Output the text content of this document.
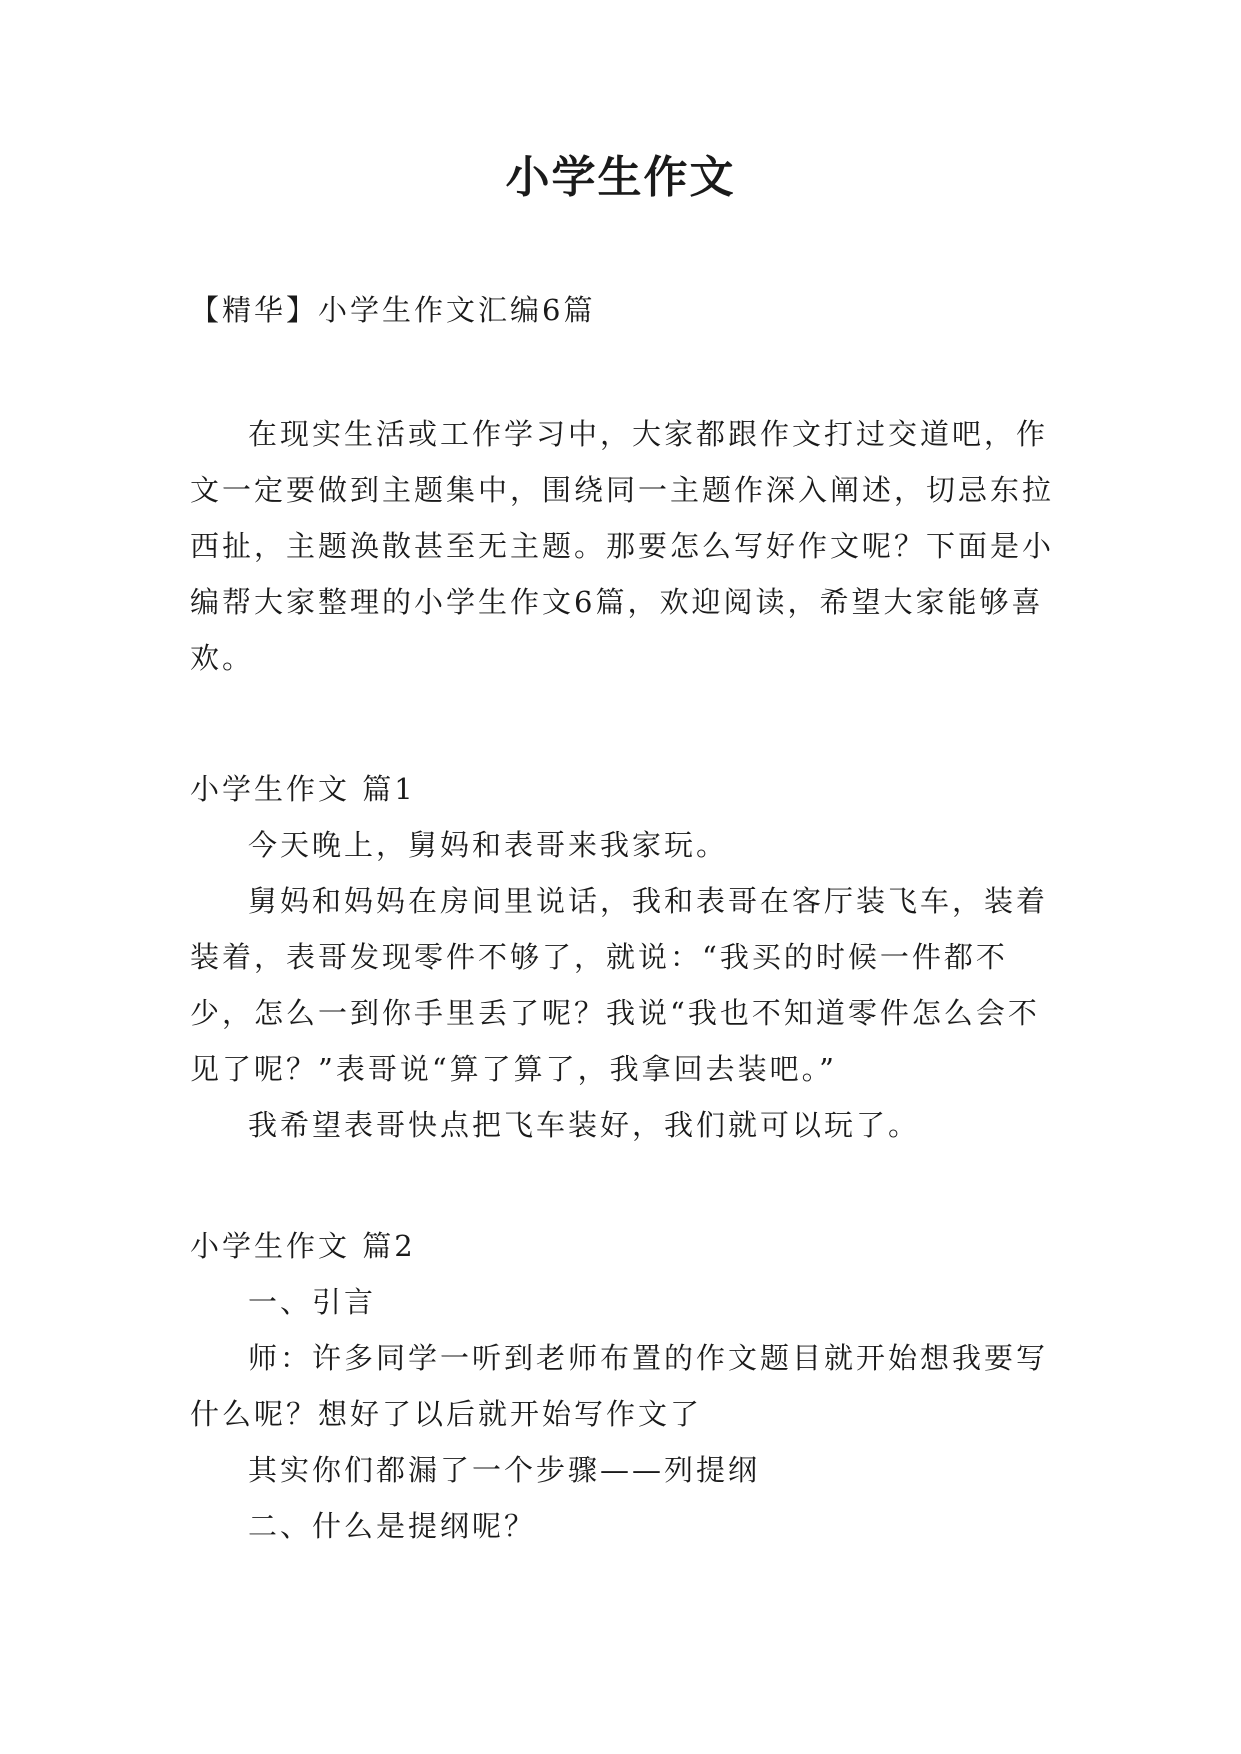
小学生作文
【精华】小学生作文汇编6篇

在现实生活或工作学习中，大家都跟作文打过交道吧，作文一定要做到主题集中，围绕同一主题作深入阐述，切忌东拉西扯，主题涣散甚至无主题。那要怎么写好作文呢？下面是小编帮大家整理的小学生作文6篇，欢迎阅读，希望大家能够喜欢。

小学生作文 篇1

今天晚上，舅妈和表哥来我家玩。

舅妈和妈妈在房间里说话，我和表哥在客厅装飞车，装着装着，表哥发现零件不够了，就说：“我买的时候一件都不少，怎么一到你手里丢了呢？我说“我也不知道零件怎么会不见了呢？”表哥说“算了算了，我拿回去装吧。”

我希望表哥快点把飞车装好，我们就可以玩了。

小学生作文 篇2

一、引言

师：许多同学一听到老师布置的作文题目就开始想我要写什么呢？想好了以后就开始写作文了

其实你们都漏了一个步骤——列提纲

二、什么是提纲呢？
